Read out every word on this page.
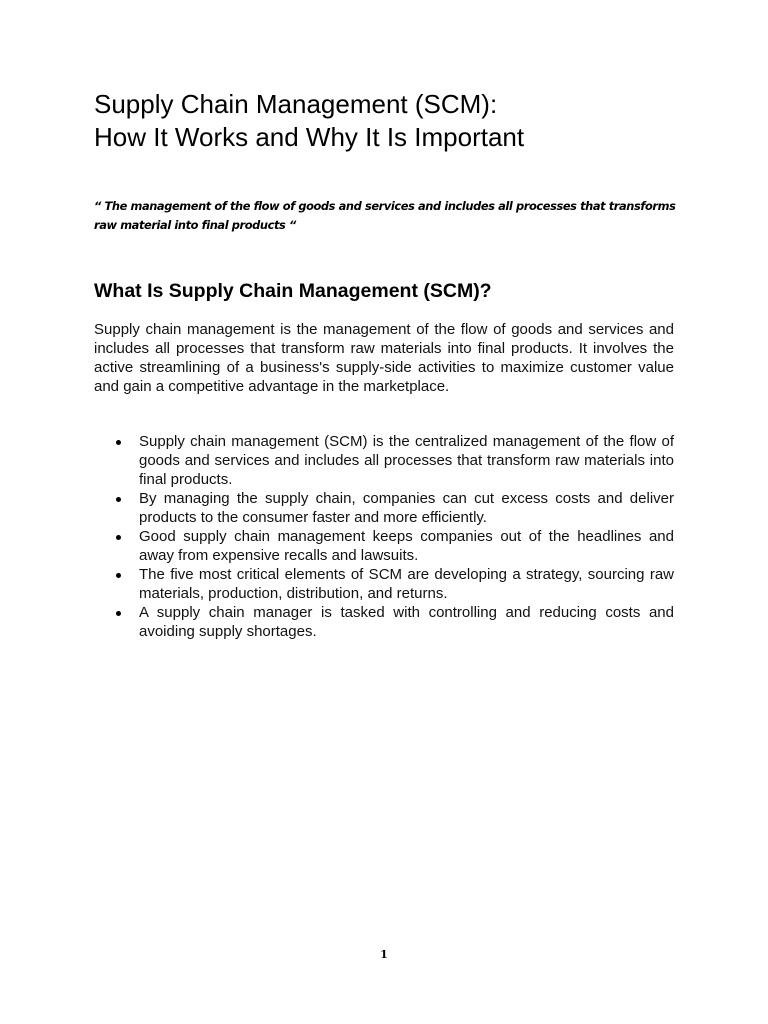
Supply Chain Management (SCM):
How It Works and Why It Is Important

“ The management of the flow of goods and services and includes all processes that transforms raw material into final products “

What Is Supply Chain Management (SCM)?

Supply chain management is the management of the flow of goods and services and includes all processes that transform raw materials into final products. It involves the active streamlining of a business's supply-side activities to maximize customer value and gain a competitive advantage in the marketplace.

Supply chain management (SCM) is the centralized management of the flow of goods and services and includes all processes that transform raw materials into final products.
By managing the supply chain, companies can cut excess costs and deliver products to the consumer faster and more efficiently.
Good supply chain management keeps companies out of the headlines and away from expensive recalls and lawsuits.
The five most critical elements of SCM are developing a strategy, sourcing raw materials, production, distribution, and returns.
A supply chain manager is tasked with controlling and reducing costs and avoiding supply shortages.
1
